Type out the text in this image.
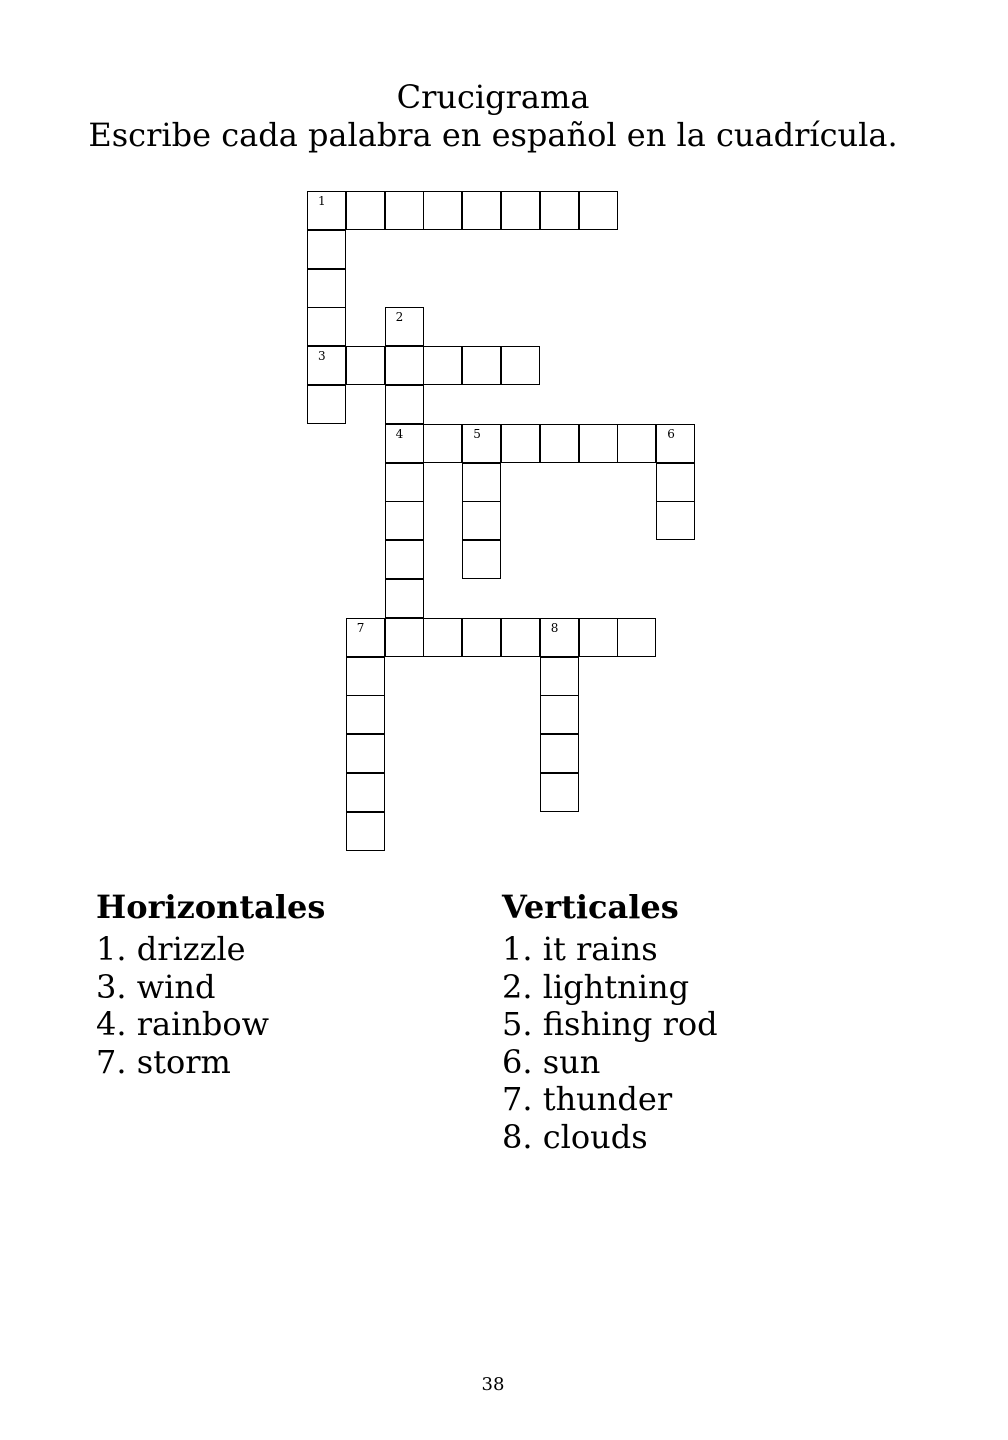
Crucigrama
Escribe cada palabra en español en la cuadrícula.
1
3
2
4	5	6
7	8
Horizontales
1. drizzle
3. wind
4. rainbow
7. storm
Verticales
1. it rains
2. lightning
5. fishing rod
6. sun
7. thunder
8. clouds
38
